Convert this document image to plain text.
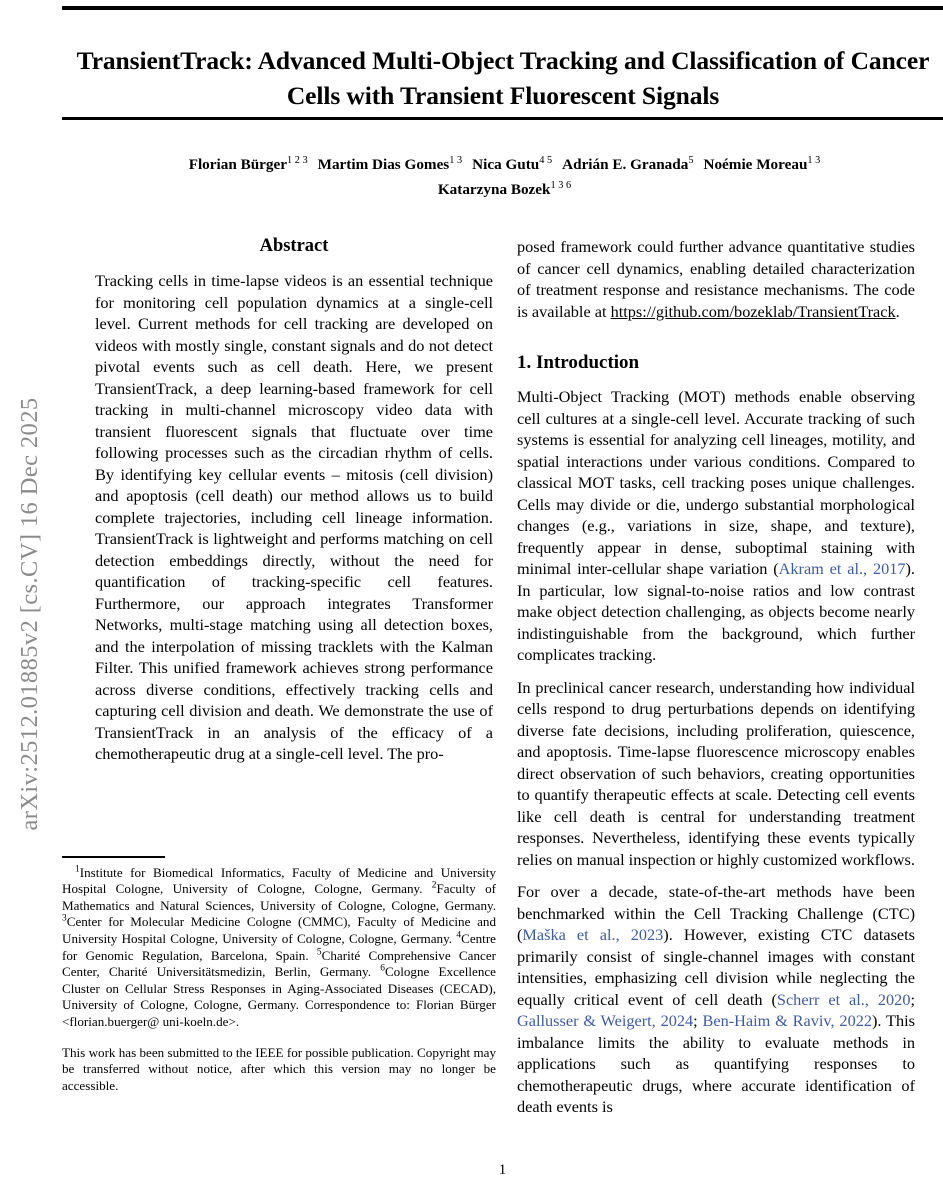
arXiv:2512.01885v2 [cs.CV] 16 Dec 2025
TransientTrack: Advanced Multi-Object Tracking and Classification of Cancer
Cells with Transient Fluorescent Signals
Florian Bürger$^{1 2 3}$ Martim Dias Gomes$^{1 3}$ Nica Gutu$^{4 5}$ Adrián E. Granada$^5$ Noémie Moreau$^{1 3}$
Katarzyna Bozek$^{1 3 6}$
Abstract

Tracking cells in time-lapse videos is an essential technique for monitoring cell population dynamics at a single-cell level. Current methods for cell tracking are developed on videos with mostly single, constant signals and do not detect pivotal events such as cell death. Here, we present TransientTrack, a deep learning-based framework for cell tracking in multi-channel microscopy video data with transient fluorescent signals that fluctuate over time following processes such as the circadian rhythm of cells. By identifying key cellular events – mitosis (cell division) and apoptosis (cell death) our method allows us to build complete trajectories, including cell lineage information. TransientTrack is lightweight and performs matching on cell detection embeddings directly, without the need for quantification of tracking-specific cell features. Furthermore, our approach integrates Transformer Networks, multi-stage matching using all detection boxes, and the interpolation of missing tracklets with the Kalman Filter. This unified framework achieves strong performance across diverse conditions, effectively tracking cells and capturing cell division and death. We demonstrate the use of TransientTrack in an analysis of the efficacy of a chemotherapeutic drug at a single-cell level. The pro-

posed framework could further advance quantitative studies of cancer cell dynamics, enabling detailed characterization of treatment response and resistance mechanisms. The code is available at https://github.com/bozeklab/TransientTrack.

1. Introduction

Multi-Object Tracking (MOT) methods enable observing cell cultures at a single-cell level. Accurate tracking of such systems is essential for analyzing cell lineages, motility, and spatial interactions under various conditions. Compared to classical MOT tasks, cell tracking poses unique challenges. Cells may divide or die, undergo substantial morphological changes (e.g., variations in size, shape, and texture), frequently appear in dense, suboptimal staining with minimal inter-cellular shape variation (Akram et al., 2017). In particular, low signal-to-noise ratios and low contrast make object detection challenging, as objects become nearly indistinguishable from the background, which further complicates tracking.

In preclinical cancer research, understanding how individual cells respond to drug perturbations depends on identifying diverse fate decisions, including proliferation, quiescence, and apoptosis. Time-lapse fluorescence microscopy enables direct observation of such behaviors, creating opportunities to quantify therapeutic effects at scale. Detecting cell events like cell death is central for understanding treatment responses. Nevertheless, identifying these events typically relies on manual inspection or highly customized workflows.

For over a decade, state-of-the-art methods have been benchmarked within the Cell Tracking Challenge (CTC) (Maška et al., 2023). However, existing CTC datasets primarily consist of single-channel images with constant intensities, emphasizing cell division while neglecting the equally critical event of cell death (Scherr et al., 2020; Gallusser & Weigert, 2024; Ben-Haim & Raviv, 2022). This imbalance limits the ability to evaluate methods in applications such as quantifying responses to chemotherapeutic drugs, where accurate identification of death events is

$^1$Institute for Biomedical Informatics, Faculty of Medicine and University Hospital Cologne, University of Cologne, Cologne, Germany. $^2$Faculty of Mathematics and Natural Sciences, University of Cologne, Cologne, Germany. $^3$Center for Molecular Medicine Cologne (CMMC), Faculty of Medicine and University Hospital Cologne, University of Cologne, Cologne, Germany. $^4$Centre for Genomic Regulation, Barcelona, Spain. $^5$Charité Comprehensive Cancer Center, Charité Universitätsmedizin, Berlin, Germany. $^6$Cologne Excellence Cluster on Cellular Stress Responses in Aging-Associated Diseases (CECAD), University of Cologne, Cologne, Germany. Correspondence to: Florian Bürger <florian.buerger@ uni-koeln.de>.

This work has been submitted to the IEEE for possible publication. Copyright may be transferred without notice, after which this version may no longer be accessible.

1
